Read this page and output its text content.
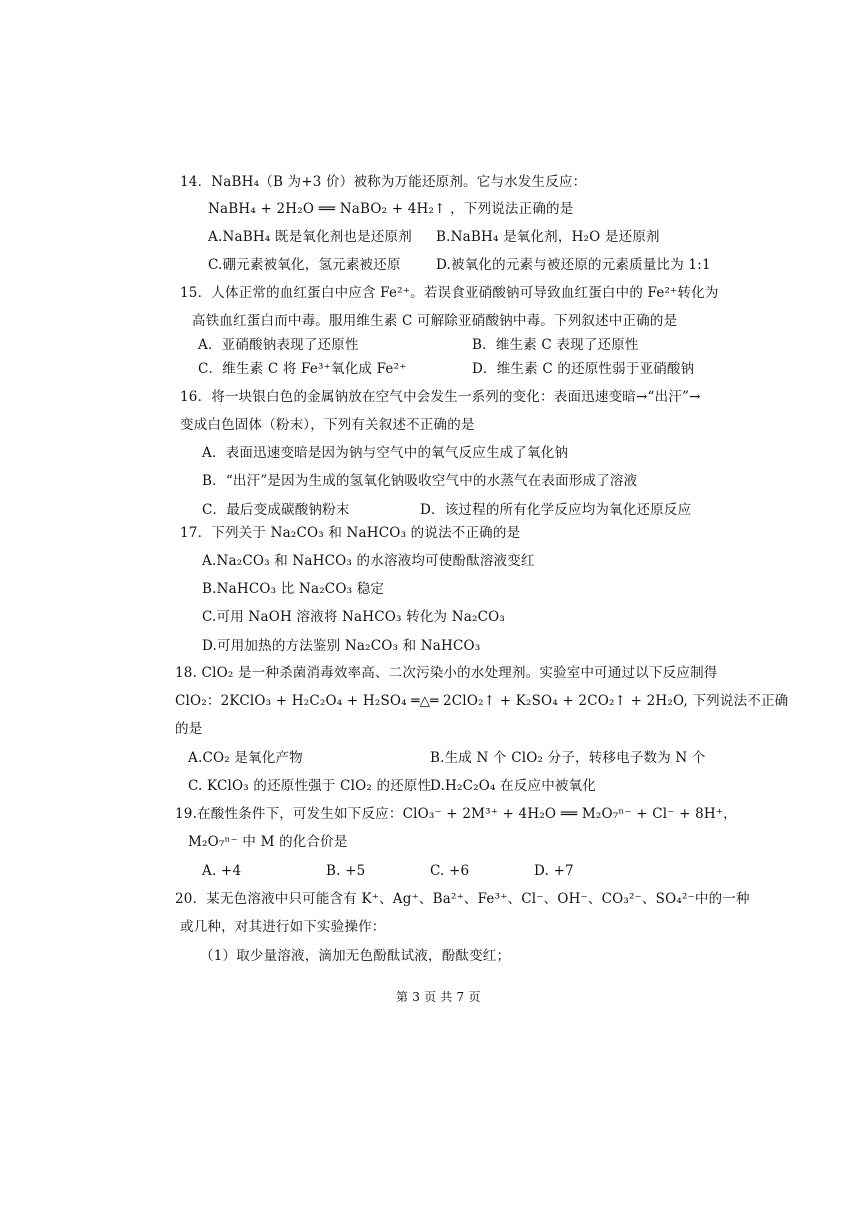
14．NaBH₄（B 为+3 价）被称为万能还原剂。它与水发生反应：
NaBH₄ + 2H₂O ══ NaBO₂ + 4H₂↑ ，下列说法正确的是
A.NaBH₄ 既是氧化剂也是还原剂 B.NaBH₄ 是氧化剂，H₂O 是还原剂
C.硼元素被氧化，氢元素被还原	D.被氧化的元素与被还原的元素质量比为 1:1
15．人体正常的血红蛋白中应含 Fe²⁺。若误食亚硝酸钠可导致血红蛋白中的 Fe²⁺转化为
高铁血红蛋白而中毒。服用维生素 C 可解除亚硝酸钠中毒。下列叙述中正确的是
A．亚硝酸钠表现了还原性	B．维生素 C 表现了还原性
C．维生素 C 将 Fe³⁺氧化成 Fe²⁺	D．维生素 C 的还原性弱于亚硝酸钠
16．将一块银白色的金属钠放在空气中会发生一系列的变化：表面迅速变暗→“出汗”→
变成白色固体（粉末），下列有关叙述不正确的是
A．表面迅速变暗是因为钠与空气中的氧气反应生成了氧化钠
B．“出汗”是因为生成的氢氧化钠吸收空气中的水蒸气在表面形成了溶液
C．最后变成碳酸钠粉末	D．该过程的所有化学反应均为氧化还原反应
17．下列关于 Na₂CO₃ 和 NaHCO₃ 的说法不正确的是
A.Na₂CO₃ 和 NaHCO₃ 的水溶液均可使酚酞溶液变红
B.NaHCO₃ 比 Na₂CO₃ 稳定
C.可用 NaOH 溶液将 NaHCO₃ 转化为 Na₂CO₃
D.可用加热的方法鉴别 Na₂CO₃ 和 NaHCO₃
18. ClO₂ 是一种杀菌消毒效率高、二次污染小的水处理剂。实验室中可通过以下反应制得
ClO₂：2KClO₃ + H₂C₂O₄ + H₂SO₄ ═△═ 2ClO₂↑ + K₂SO₄ + 2CO₂↑ + 2H₂O, 下列说法不正确
的是
A.CO₂ 是氧化产物	B.生成 N 个 ClO₂ 分子，转移电子数为 N 个
C. KClO₃ 的还原性强于 ClO₂ 的还原性
D.H₂C₂O₄ 在反应中被氧化
19.在酸性条件下，可发生如下反应：ClO₃⁻ + 2M³⁺ + 4H₂O ══ M₂O₇ⁿ⁻ + Cl⁻ + 8H⁺，
M₂O₇ⁿ⁻ 中 M 的化合价是
A. +4	B. +5	C. +6	D. +7
20．某无色溶液中只可能含有 K⁺、Ag⁺、Ba²⁺、Fe³⁺、Cl⁻、OH⁻、CO₃²⁻、SO₄²⁻中的一种
或几种，对其进行如下实验操作：
（1）取少量溶液，滴加无色酚酞试液，酚酞变红；
第 3 页 共 7 页
